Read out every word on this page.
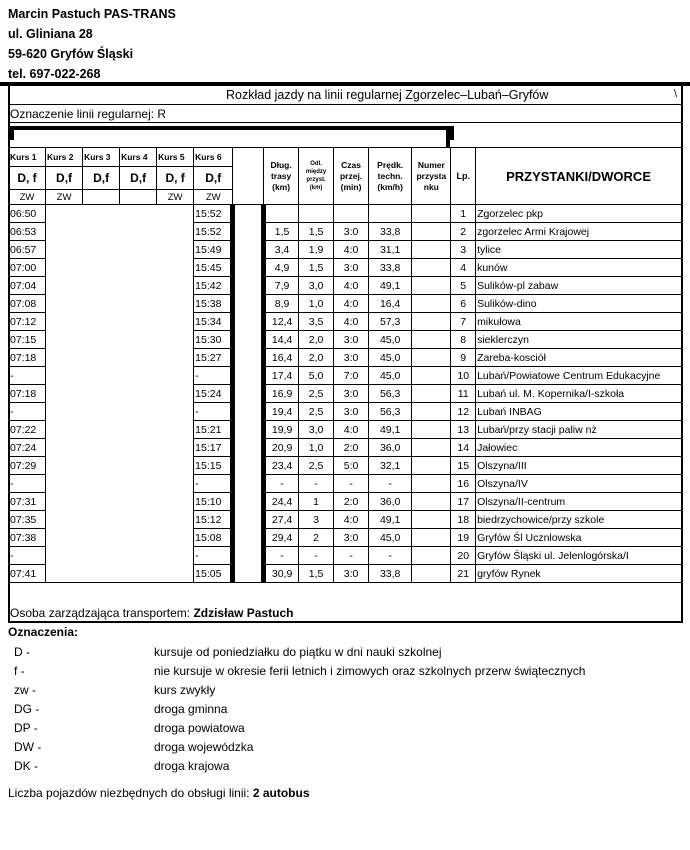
Marcin Pastuch PAS-TRANS
ul. Gliniana 28
59-620 Gryfów Śląski
tel. 697-022-268
Rozkład jazdy na linii regularnej Zgorzelec–Lubań–Gryfów	\
Oznaczenie linii regularnej: R
Kurs 1	Kurs 2	Kurs 3	Kurs 4	Kurs 5	Kurs 6		Dług. trasy (km)	Odl. między przyst. (km)	Czas przej. (min)	Prędk. techn. (km/h)	Numer przysta nku	Lp.	PRZYSTANKI/DWORCE
D, f	D,f	D,f	D,f	D, f	D,f								
ZW	ZW			ZW	ZW								
06:50					15:52							1	Zgorzelec pkp
06:53					15:52		1,5	1,5	3:0	33,8		2	zgorzelec Armi Krajowej
06:57					15:49		3,4	1,9	4:0	31,1		3	tylice
07:00					15:45		4,9	1,5	3:0	33,8		4	kunów
07:04					15:42		7,9	3,0	4:0	49,1		5	Sulików-pl zabaw
07:08					15:38		8,9	1,0	4:0	16,4		6	Sulików-dino
07:12					15:34		12,4	3,5	4:0	57,3		7	mikułowa
07:15					15:30		14,4	2,0	3:0	45,0		8	sieklerczyn
07:18					15:27		16,4	2,0	3:0	45,0		9	Zareba-kosciół
-					-		17,4	5,0	7:0	45,0		10	Lubań/Powiatowe Centrum Edukacyjne
07:18					15:24		16,9	2,5	3:0	56,3		11	Lubań ul. M. Kopernika/I-szkoła
-					-		19,4	2,5	3:0	56,3		12	Lubań INBAG
07:22					15:21		19,9	3,0	4:0	49,1		13	Lubań/przy stacji paliw nż
07:24					15:17		20,9	1,0	2:0	36,0		14	Jałowiec
07:29					15:15		23,4	2,5	5:0	32,1		15	Olszyna/III
-					-		-	-	-	-		16	Olszyna/IV
07:31					15:10		24,4	1	2:0	36,0		17	Olszyna/II-centrum
07:35					15:12		27,4	3	4:0	49,1		18	biedrzychowice/przy szkole
07:38					15:08		29,4	2	3:0	45,0		19	Gryfów Śl Ucznlowska
-					-		-	-	-	-		20	Gryfów Śląski ul. Jelenlogórska/I
07:41					15:05		30,9	1,5	3:0	33,8		21	gryfów Rynek
Osoba zarządzająca transportem: Zdzisław Pastuch
Oznaczenia:
D -	kursuje od poniedziałku do piątku w dni nauki szkolnej
f -	nie kursuje w okresie ferii letnich i zimowych oraz szkolnych przerw świątecznych
zw -	kurs zwykły
DG -	droga gminna
DP -	droga powiatowa
DW -	droga wojewódzka
DK -	droga krajowa
Liczba pojazdów niezbędnych do obsługi linii: 2 autobus
